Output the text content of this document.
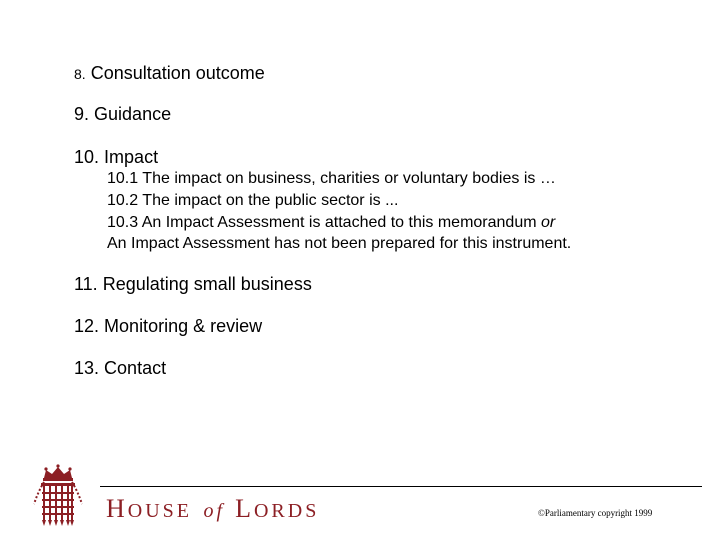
8. Consultation outcome
9. Guidance
10. Impact
10.1 The impact on business, charities or voluntary bodies is …
10.2 The impact on the public sector is ...
10.3 An Impact Assessment is attached to this memorandum or
An Impact Assessment has not been prepared for this instrument.
11. Regulating small business
12. Monitoring & review
13. Contact
HOUSE of LORDS	©Parliamentary copyright 1999
